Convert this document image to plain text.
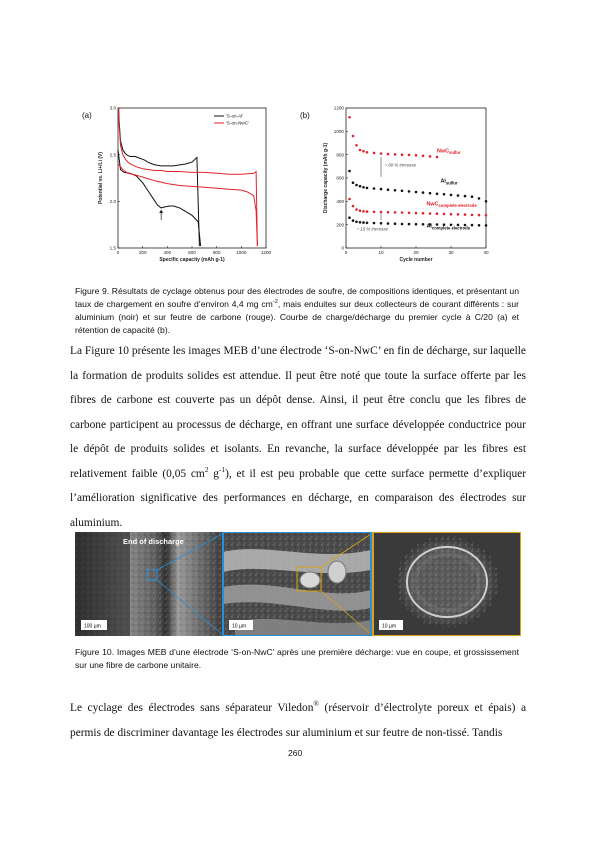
(a)	(b)
0	200	400	600	800	1000	1200
1.5
2.0
2.5
3.0
Specific capacity (mAh g-1)
Potential vs. Li+/Li (V)
'S-on-Al'
'S-on-NwC'
0	10	20	30	40
0
200
400
600
800
1000
1200
Cycle number
Discharge capacity (mAh g-1)	NwC$_{sulfur}$
$Al_{sulfur}$
NwC$_{complete electrode}$
$Al_{complete electrode}$
~ 60 % increase
~ 15 % increase
Figure 9. Résultats de cyclage obtenus pour des électrodes de soufre, de compositions identiques, et présentant un taux de chargement en soufre d’environ 4,4 mg $cm^{-2}$, mais enduites sur deux collecteurs de courant différents : sur aluminium (noir) et sur feutre de carbone (rouge). Courbe de charge/décharge du premier cycle à C/20 (a) et rétention de capacité (b).
La Figure 10 présente les images MEB d’une électrode ‘S-on-NwC’ en fin de décharge, sur laquelle la formation de produits solides est attendue. Il peut être noté que toute la surface offerte par les fibres de carbone est couverte pas un dépôt dense. Ainsi, il peut être conclu que les fibres de carbone participent au processus de décharge, en offrant une surface développée conductrice pour le dépôt de produits solides et isolants. En revanche, la surface développée par les fibres est relativement faible (0,05 $cm^2$ $g^{-1}$), et il est peu probable que cette surface permette d’expliquer l’amélioration significative des performances en décharge, en comparaison des électrodes sur aluminium.
End of discharge
100 µm	10 µm	10 µm
Figure 10. Images MEB d’une électrode ‘S-on-NwC’ après une première décharge: vue en coupe, et grossissement sur une fibre de carbone unitaire.
Le cyclage des électrodes sans séparateur Viledon® (réservoir d’électrolyte poreux et épais) a permis de discriminer davantage les électrodes sur aluminium et sur feutre de non-tissé. Tandis
260
